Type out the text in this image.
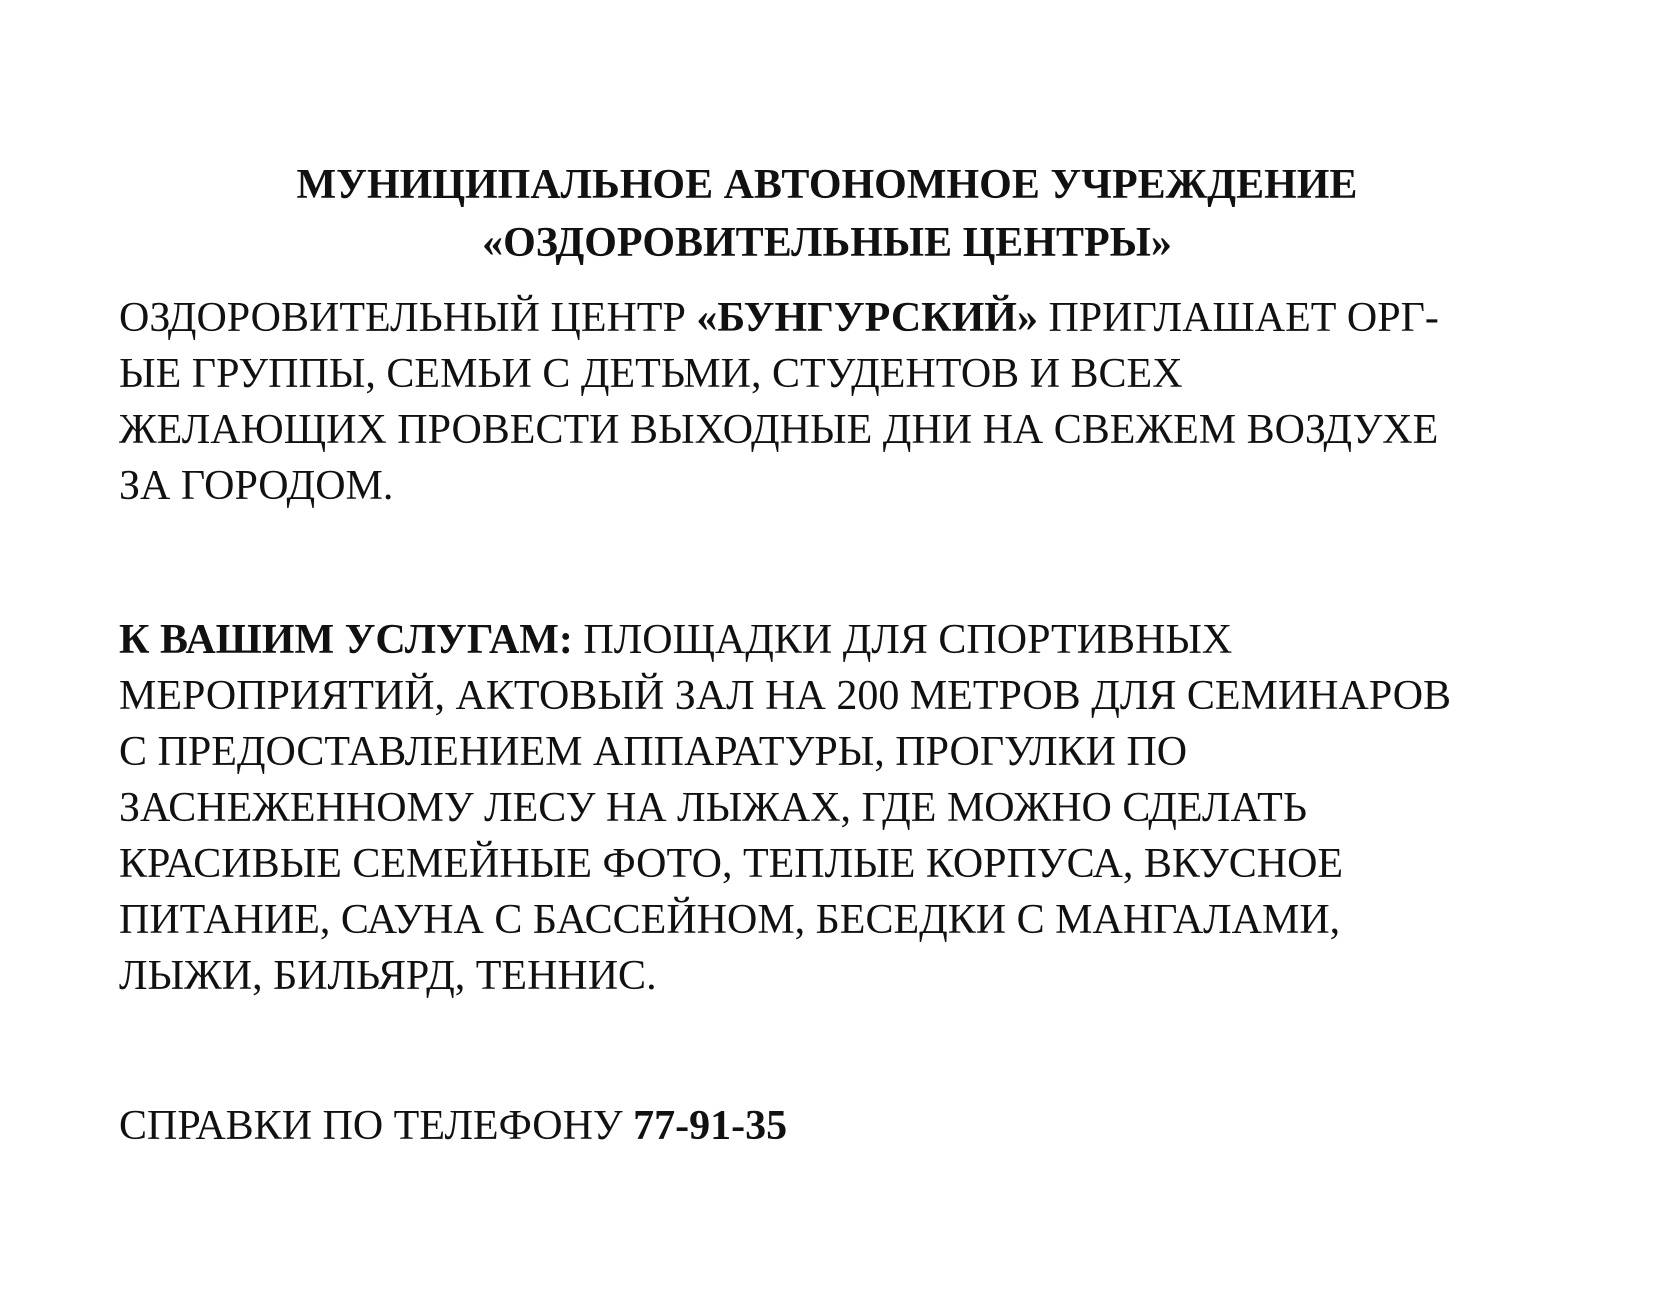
МУНИЦИПАЛЬНОЕ АВТОНОМНОЕ УЧРЕЖДЕНИЕ
«ОЗДОРОВИТЕЛЬНЫЕ ЦЕНТРЫ»
ОЗДОРОВИТЕЛЬНЫЙ ЦЕНТР «БУНГУРСКИЙ» ПРИГЛАШАЕТ ОРГ-
ЫЕ ГРУППЫ, СЕМЬИ С ДЕТЬМИ, СТУДЕНТОВ И ВСЕХ
ЖЕЛАЮЩИХ ПРОВЕСТИ ВЫХОДНЫЕ ДНИ НА СВЕЖЕМ ВОЗДУХЕ
ЗА ГОРОДОМ.
К ВАШИМ УСЛУГАМ: ПЛОЩАДКИ ДЛЯ СПОРТИВНЫХ
МЕРОПРИЯТИЙ, АКТОВЫЙ ЗАЛ НА 200 МЕТРОВ ДЛЯ СЕМИНАРОВ
С ПРЕДОСТАВЛЕНИЕМ АППАРАТУРЫ, ПРОГУЛКИ ПО
ЗАСНЕЖЕННОМУ ЛЕСУ НА ЛЫЖАХ, ГДЕ МОЖНО СДЕЛАТЬ
КРАСИВЫЕ СЕМЕЙНЫЕ ФОТО, ТЕПЛЫЕ КОРПУСА, ВКУСНОЕ
ПИТАНИЕ, САУНА С БАССЕЙНОМ, БЕСЕДКИ С МАНГАЛАМИ,
ЛЫЖИ, БИЛЬЯРД, ТЕННИС.
СПРАВКИ ПО ТЕЛЕФОНУ 77-91-35
